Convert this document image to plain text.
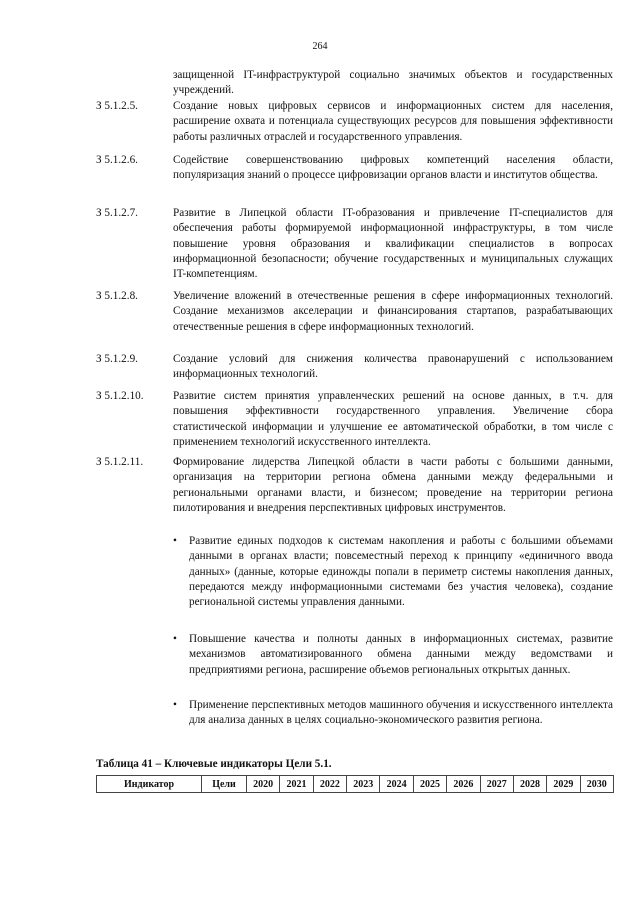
264
защищенной IT-инфраструктурой социально значимых объектов и государственных учреждений.
З 5.1.2.5.	Создание новых цифровых сервисов и информационных систем для населения, расширение охвата и потенциала существующих ресурсов для повышения эффективности работы различных отраслей и государственного управления.
З 5.1.2.6.	Содействие совершенствованию цифровых компетенций населения области, популяризация знаний о процессе цифровизации органов власти и институтов общества.
З 5.1.2.7.	Развитие в Липецкой области IT-образования и привлечение IT-специалистов для обеспечения работы формируемой информационной инфраструктуры, в том числе повышение уровня образования и квалификации специалистов в вопросах информационной безопасности; обучение государственных и муниципальных служащих IT-компетенциям.
З 5.1.2.8.	Увеличение вложений в отечественные решения в сфере информационных технологий. Создание механизмов акселерации и финансирования стартапов, разрабатывающих отечественные решения в сфере информационных технологий.
З 5.1.2.9.	Создание условий для снижения количества правонарушений с использованием информационных технологий.
З 5.1.2.10.	Развитие систем принятия управленческих решений на основе данных, в т.ч. для повышения эффективности государственного управления. Увеличение сбора статистической информации и улучшение ее автоматической обработки, в том числе с применением технологий искусственного интеллекта.
З 5.1.2.11.	Формирование лидерства Липецкой области в части работы с большими данными, организация на территории региона обмена данными между федеральными и региональными органами власти, и бизнесом; проведение на территории региона пилотирования и внедрения перспективных цифровых инструментов.
• Развитие единых подходов к системам накопления и работы с большими объемами данными в органах власти; повсеместный переход к принципу «единичного ввода данных» (данные, которые единожды попали в периметр системы накопления данных, передаются между информационными системами без участия человека), создание региональной системы управления данными.
• Повышение качества и полноты данных в информационных системах, развитие механизмов автоматизированного обмена данными между ведомствами и предприятиями региона, расширение объемов региональных открытых данных.
• Применение перспективных методов машинного обучения и искусственного интеллекта для анализа данных в целях социально-экономического развития региона.
Таблица 41 – Ключевые индикаторы Цели 5.1.
Индикатор	Цели	2020	2021	2022	2023	2024	2025	2026	2027	2028	2029	2030
